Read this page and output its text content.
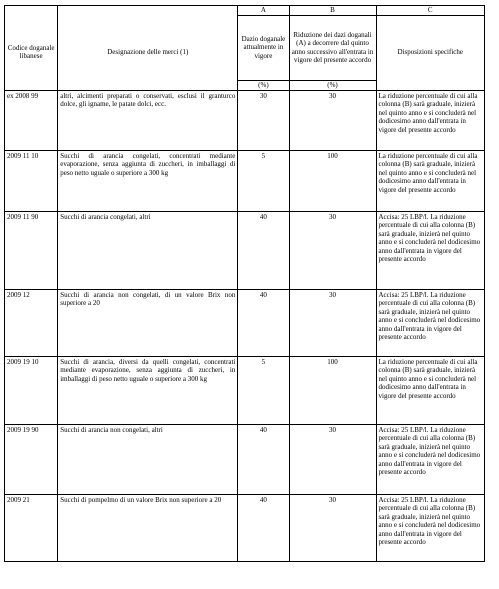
		A	B	C
Codice doganale libanese	Designazione delle merci (1)	Dazio doganale attualmente in vigore	Riduzione dei dazi doganali (A) a decorrere dal quinto anno successivo all'entrata in vigore del presente accordo	Disposizioni specifiche
		(%)	(%)	
ex 2008 99	altri, alcimenti preparati o conservati, esclusi il granturco dolce, gli igname, le patate dolci, ecc.	30	30	La riduzione percentuale di cui alla colonna (B) sarà graduale, inizierà nel quinto anno e si concluderà nel dodicesimo anno dall'entrata in vigore del presente accordo
2009 11 10	Succhi di arancia congelati, concentrati mediante evaporazione, senza aggiunta di zuccheri, in imballaggi di peso netto uguale o superiore a 300 kg	5	100	La riduzione percentuale di cui alla colonna (B) sarà graduale, inizierà nel quinto anno e si concluderà nel dodicesimo anno dall'entrata in vigore del presente accordo
2009 11 90	Succhi di arancia congelati, altri	40	30	Accisa: 25 LBP/l. La riduzione percentuale di cui alla colonna (B) sarà graduale, inizierà nel quinto anno e si concluderà nel dodicesimo anno dall'entrata in vigore del presente accordo
2009 12	Succhi di arancia non congelati, di un valore Brix non superiore a 20	40	30	Accisa: 25 LBP/l. La riduzione percentuale di cui alla colonna (B) sarà graduale, inizierà nel quinto anno e si concluderà nel dodicesimo anno dall'entrata in vigore del presente accordo
2009 19 10	Succhi di arancia, diversi da quelli congelati, concentrati mediante evaporazione, senza aggiunta di zuccheri, in imballaggi di peso netto uguale o superiore a 300 kg	5	100	La riduzione percentuale di cui alla colonna (B) sarà graduale, inizierà nel quinto anno e si concluderà nel dodicesimo anno dall'entrata in vigore del presente accordo
2009 19 90	Succhi di arancia non congelati, altri	40	30	Accisa: 25 LBP/l. La riduzione percentuale di cui alla colonna (B) sarà graduale, inizierà nel quinto anno e si concluderà nel dodicesimo anno dall'entrata in vigore del presente accordo
2009 21	Succhi di pompelmo di un valore Brix non superiore a 20	40	30	Accisa: 25 LBP/l. La riduzione percentuale di cui alla colonna (B) sarà graduale, inizierà nel quinto anno e si concluderà nel dodicesimo anno dall'entrata in vigore del presente accordo
